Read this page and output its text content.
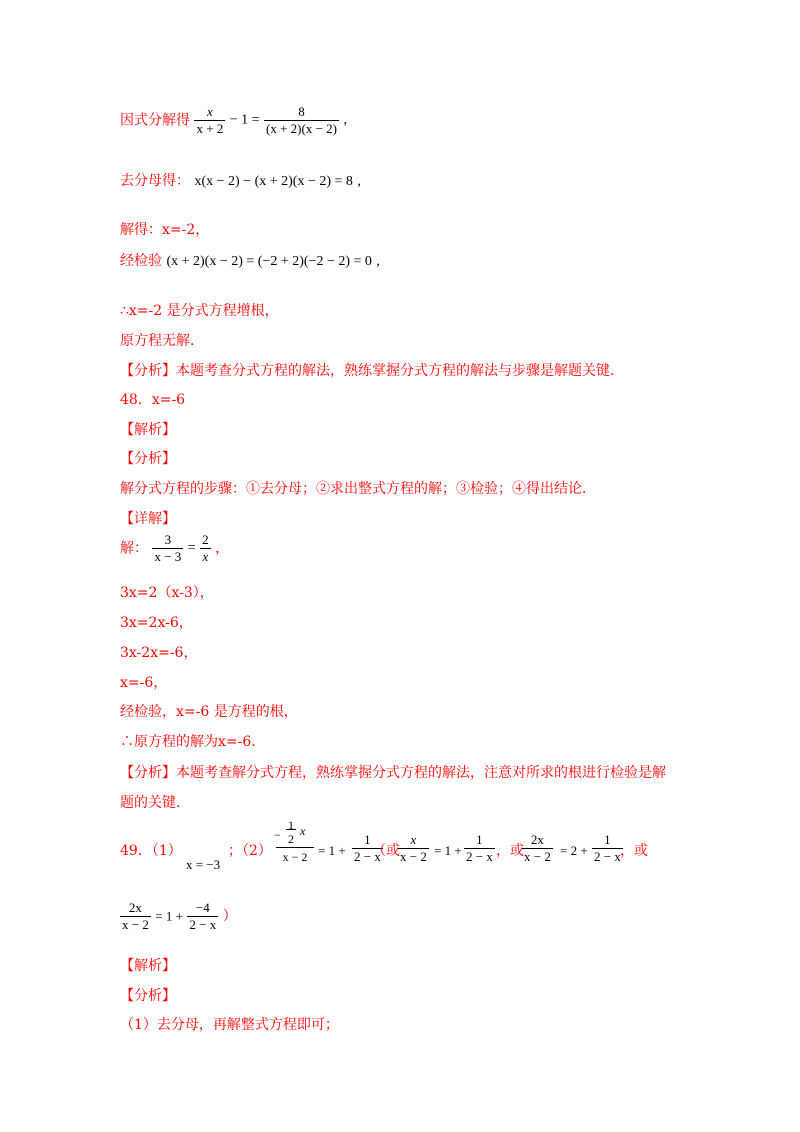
因式分解得 $\frac{x}{x + 2} - 1 = \frac{8}{(x + 2)(x - 2)}$ ,
去分母得： x(x − 2) − (x + 2)(x − 2) = 8 ,
解得：x=-2，
经检验 (x + 2)(x − 2) = (−2 + 2)(−2 − 2) = 0 ,
∴x=-2 是分式方程增根，
原方程无解．
【分析】本题考查分式方程的解法，熟练掌握分式方程的解法与步骤是解题关键．
48．x=-6
【解析】
【分析】
解分式方程的步骤：①去分母；②求出整式方程的解；③检验；④得出结论．
【详解】
解： $\frac{3}{x - 3} = \frac{2}{x}$ ，
3x=2（x-3），
3x=2x-6，
3x-2x=-6，
x=-6，
经检验，x=-6 是方程的根，
∴原方程的解为x=-6．
【分析】本题考查解分式方程，熟练掌握分式方程的解法，注意对所求的根进行检验是解
题的关键．
49．（1）
x = −3
；（2）
−
1
2
x
$x - 2 = 1 + \frac{1}{2 - x}$
（或
$\frac{x}{x - 2} = 1 + \frac{1}{2 - x}$ ，或
$\frac{2x}{x - 2} = 2 + \frac{1}{2 - x}$
，或
$\frac{2x}{x - 2} = 1 + \frac{-4}{2 - x}$ ）
【解析】
【分析】
（1）去分母，再解整式方程即可；
